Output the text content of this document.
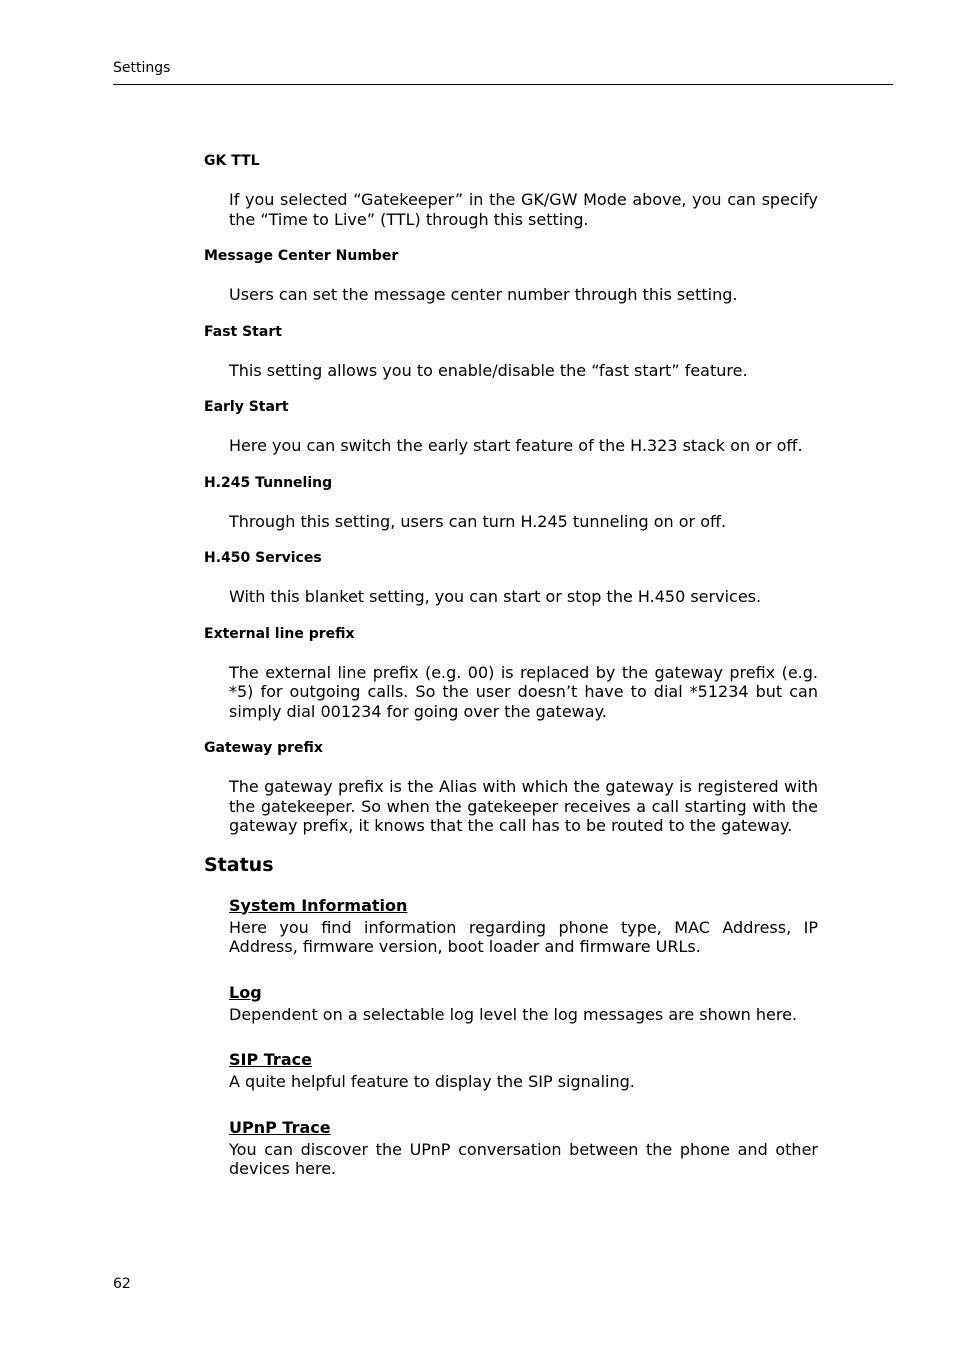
Settings

GK TTL

If you selected “Gatekeeper” in the GK/GW Mode above, you can specify the “Time to Live” (TTL) through this setting.

Message Center Number

Users can set the message center number through this setting.

Fast Start

This setting allows you to enable/disable the “fast start” feature.

Early Start

Here you can switch the early start feature of the H.323 stack on or off.

H.245 Tunneling

Through this setting, users can turn H.245 tunneling on or off.

H.450 Services

With this blanket setting, you can start or stop the H.450 services.

External line prefix

The external line prefix (e.g. 00) is replaced by the gateway prefix (e.g. *5) for outgoing calls. So the user doesn’t have to dial *51234 but can simply dial 001234 for going over the gateway.

Gateway prefix

The gateway prefix is the Alias with which the gateway is registered with the gatekeeper. So when the gatekeeper receives a call starting with the gateway prefix, it knows that the call has to be routed to the gateway.

Status
System Information

Here you find information regarding phone type, MAC Address, IP Address, firmware version, boot loader and firmware URLs.

Log

Dependent on a selectable log level the log messages are shown here.

SIP Trace

A quite helpful feature to display the SIP signaling.

UPnP Trace

You can discover the UPnP conversation between the phone and other devices here.

62
